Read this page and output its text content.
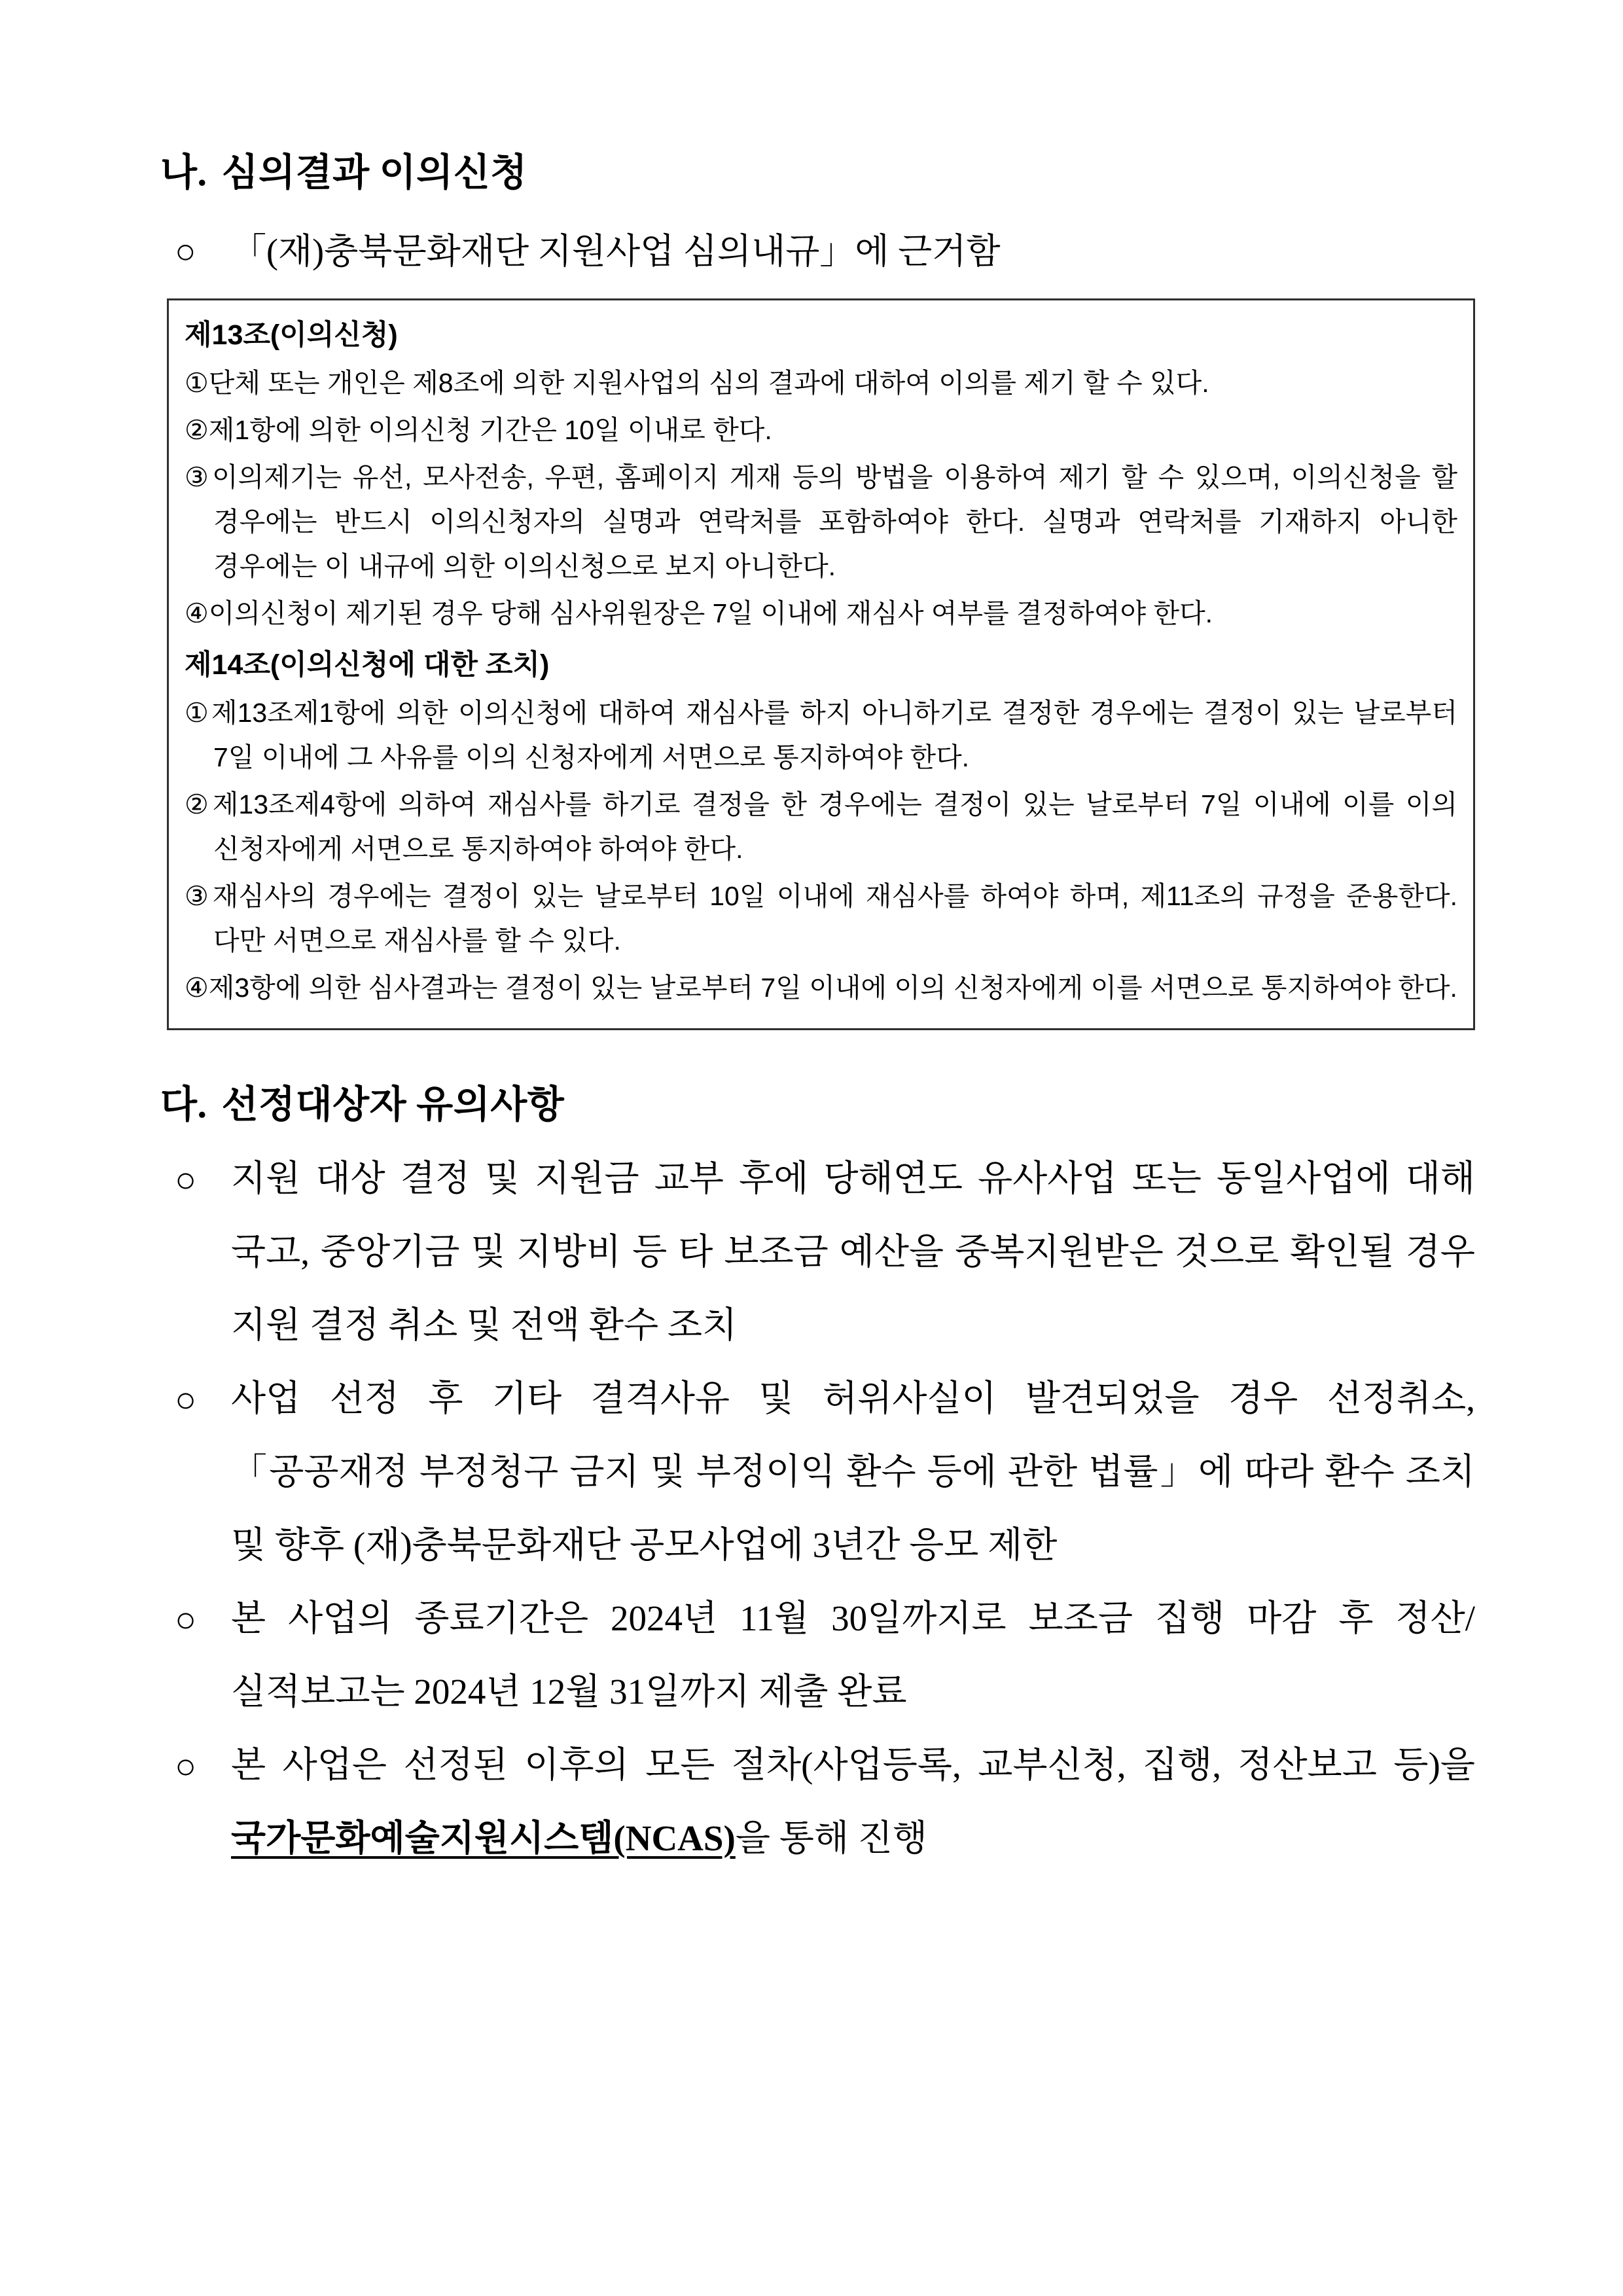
나. 심의결과 이의신청

○ 「(재)충북문화재단 지원사업 심의내규」에 근거함

제13조(이의신청)

①단체 또는 개인은 제8조에 의한 지원사업의 심의 결과에 대하여 이의를 제기 할 수 있다.

②제1항에 의한 이의신청 기간은 10일 이내로 한다.

③이의제기는 유선, 모사전송, 우편, 홈페이지 게재 등의 방법을 이용하여 제기 할 수 있으며, 이의신청을 할 경우에는 반드시 이의신청자의 실명과 연락처를 포함하여야 한다. 실명과 연락처를 기재하지 아니한 경우에는 이 내규에 의한 이의신청으로 보지 아니한다.

④이의신청이 제기된 경우 당해 심사위원장은 7일 이내에 재심사 여부를 결정하여야 한다.

제14조(이의신청에 대한 조치)

①제13조제1항에 의한 이의신청에 대하여 재심사를 하지 아니하기로 결정한 경우에는 결정이 있는 날로부터 7일 이내에 그 사유를 이의 신청자에게 서면으로 통지하여야 한다.

②제13조제4항에 의하여 재심사를 하기로 결정을 한 경우에는 결정이 있는 날로부터 7일 이내에 이를 이의 신청자에게 서면으로 통지하여야 하여야 한다.

③재심사의 경우에는 결정이 있는 날로부터 10일 이내에 재심사를 하여야 하며, 제11조의 규정을 준용한다. 다만 서면으로 재심사를 할 수 있다.

④제3항에 의한 심사결과는 결정이 있는 날로부터 7일 이내에 이의 신청자에게 이를 서면으로 통지하여야 한다.

다. 선정대상자 유의사항

○ 지원 대상 결정 및 지원금 교부 후에 당해연도 유사사업 또는 동일사업에 대해 국고, 중앙기금 및 지방비 등 타 보조금 예산을 중복지원받은 것으로 확인될 경우 지원 결정 취소 및 전액 환수 조치

○ 사업 선정 후 기타 결격사유 및 허위사실이 발견되었을 경우 선정취소, 「공공재정 부정청구 금지 및 부정이익 환수 등에 관한 법률」에 따라 환수 조치 및 향후 (재)충북문화재단 공모사업에 3년간 응모 제한

○ 본 사업의 종료기간은 2024년 11월 30일까지로 보조금 집행 마감 후 정산/실적보고는 2024년 12월 31일까지 제출 완료

○ 본 사업은 선정된 이후의 모든 절차(사업등록, 교부신청, 집행, 정산보고 등)을 국가문화예술지원시스템(NCAS)을 통해 진행
